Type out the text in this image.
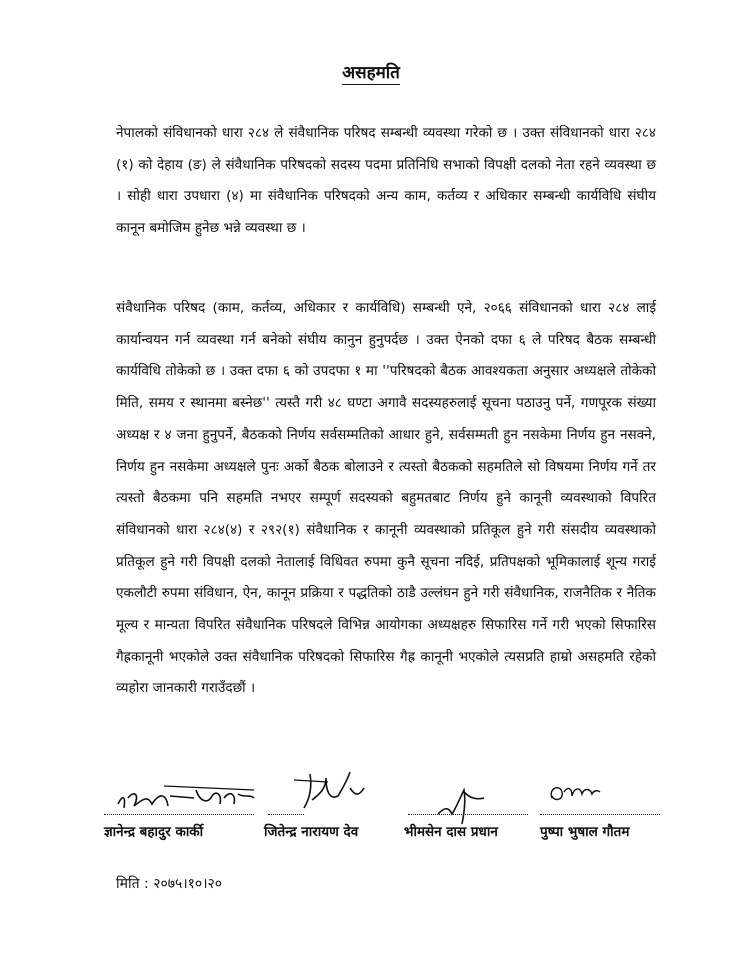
असहमति

नेपालको संविधानको धारा २८४ ले संवैधानिक परिषद सम्बन्धी व्यवस्था गरेको छ । उक्त संविधानको धारा २८४ (१) को देहाय (ङ) ले संवैधानिक परिषदको सदस्य पदमा प्रतिनिधि सभाको विपक्षी दलको नेता रहने व्यवस्था छ । सोही धारा उपधारा (४) मा संवैधानिक परिषदको अन्य काम, कर्तव्य र अधिकार सम्बन्धी कार्यविधि संघीय कानून बमोजिम हुनेछ भन्ने व्यवस्था छ ।

संवैधानिक परिषद (काम, कर्तव्य, अधिकार र कार्यविधि) सम्बन्धी एने, २०६६ संविधानको धारा २८४ लाई कार्यान्वयन गर्न व्यवस्था गर्न बनेको संघीय कानुन हुनुपर्दछ । उक्त ऐनको दफा ६ ले परिषद बैठक सम्बन्धी कार्यविधि तोकेको छ । उक्त दफा ६ को उपदफा १ मा ''परिषदको बैठक आवश्यकता अनुसार अध्यक्षले तोकेको मिति, समय र स्थानमा बस्नेछ'' त्यस्तै गरी ४८ घण्टा अगावै सदस्यहरुलाई सूचना पठाउनु पर्ने, गणपूरक संख्या अध्यक्ष र ४ जना हुनुपर्ने, बैठकको निर्णय सर्वसम्मतिको आधार हुने, सर्वसम्मती हुन नसकेमा निर्णय हुन नसक्ने, निर्णय हुन नसकेमा अध्यक्षले पुनः अर्को बैठक बोलाउने र त्यस्तो बैठकको सहमतिले सो विषयमा निर्णय गर्ने तर त्यस्तो बैठकमा पनि सहमति नभएर सम्पूर्ण सदस्यको बहुमतबाट निर्णय हुने कानूनी व्यवस्थाको विपरित संविधानको धारा २८४(४) र २९२(१) संवैधानिक र कानूनी व्यवस्थाको प्रतिकूल हुने गरी संसदीय व्यवस्थाको प्रतिकूल हुने गरी विपक्षी दलको नेतालाई विधिवत रुपमा कुनै सूचना नदिई, प्रतिपक्षको भूमिकालाई शून्य गराई एकलौटी रुपमा संविधान, ऐन, कानून प्रक्रिया र पद्धतिको ठाडै उल्लंघन हुने गरी संवैधानिक, राजनैतिक र नैतिक मूल्य र मान्यता विपरित संवैधानिक परिषदले विभिन्न आयोगका अध्यक्षहरु सिफारिस गर्ने गरी भएको सिफारिस गैह्रकानूनी भएकोले उक्त संवैधानिक परिषदको सिफारिस गैह्र कानूनी भएकोले त्यसप्रति हाम्रो असहमति रहेको व्यहोरा जानकारी गराउँदछौं ।

ज्ञानेन्द्र बहादुर कार्की	जितेन्द्र नारायण देव	भीमसेन दास प्रधान	पुष्पा भुषाल गौतम
मिति : २०७५।१०।२०
